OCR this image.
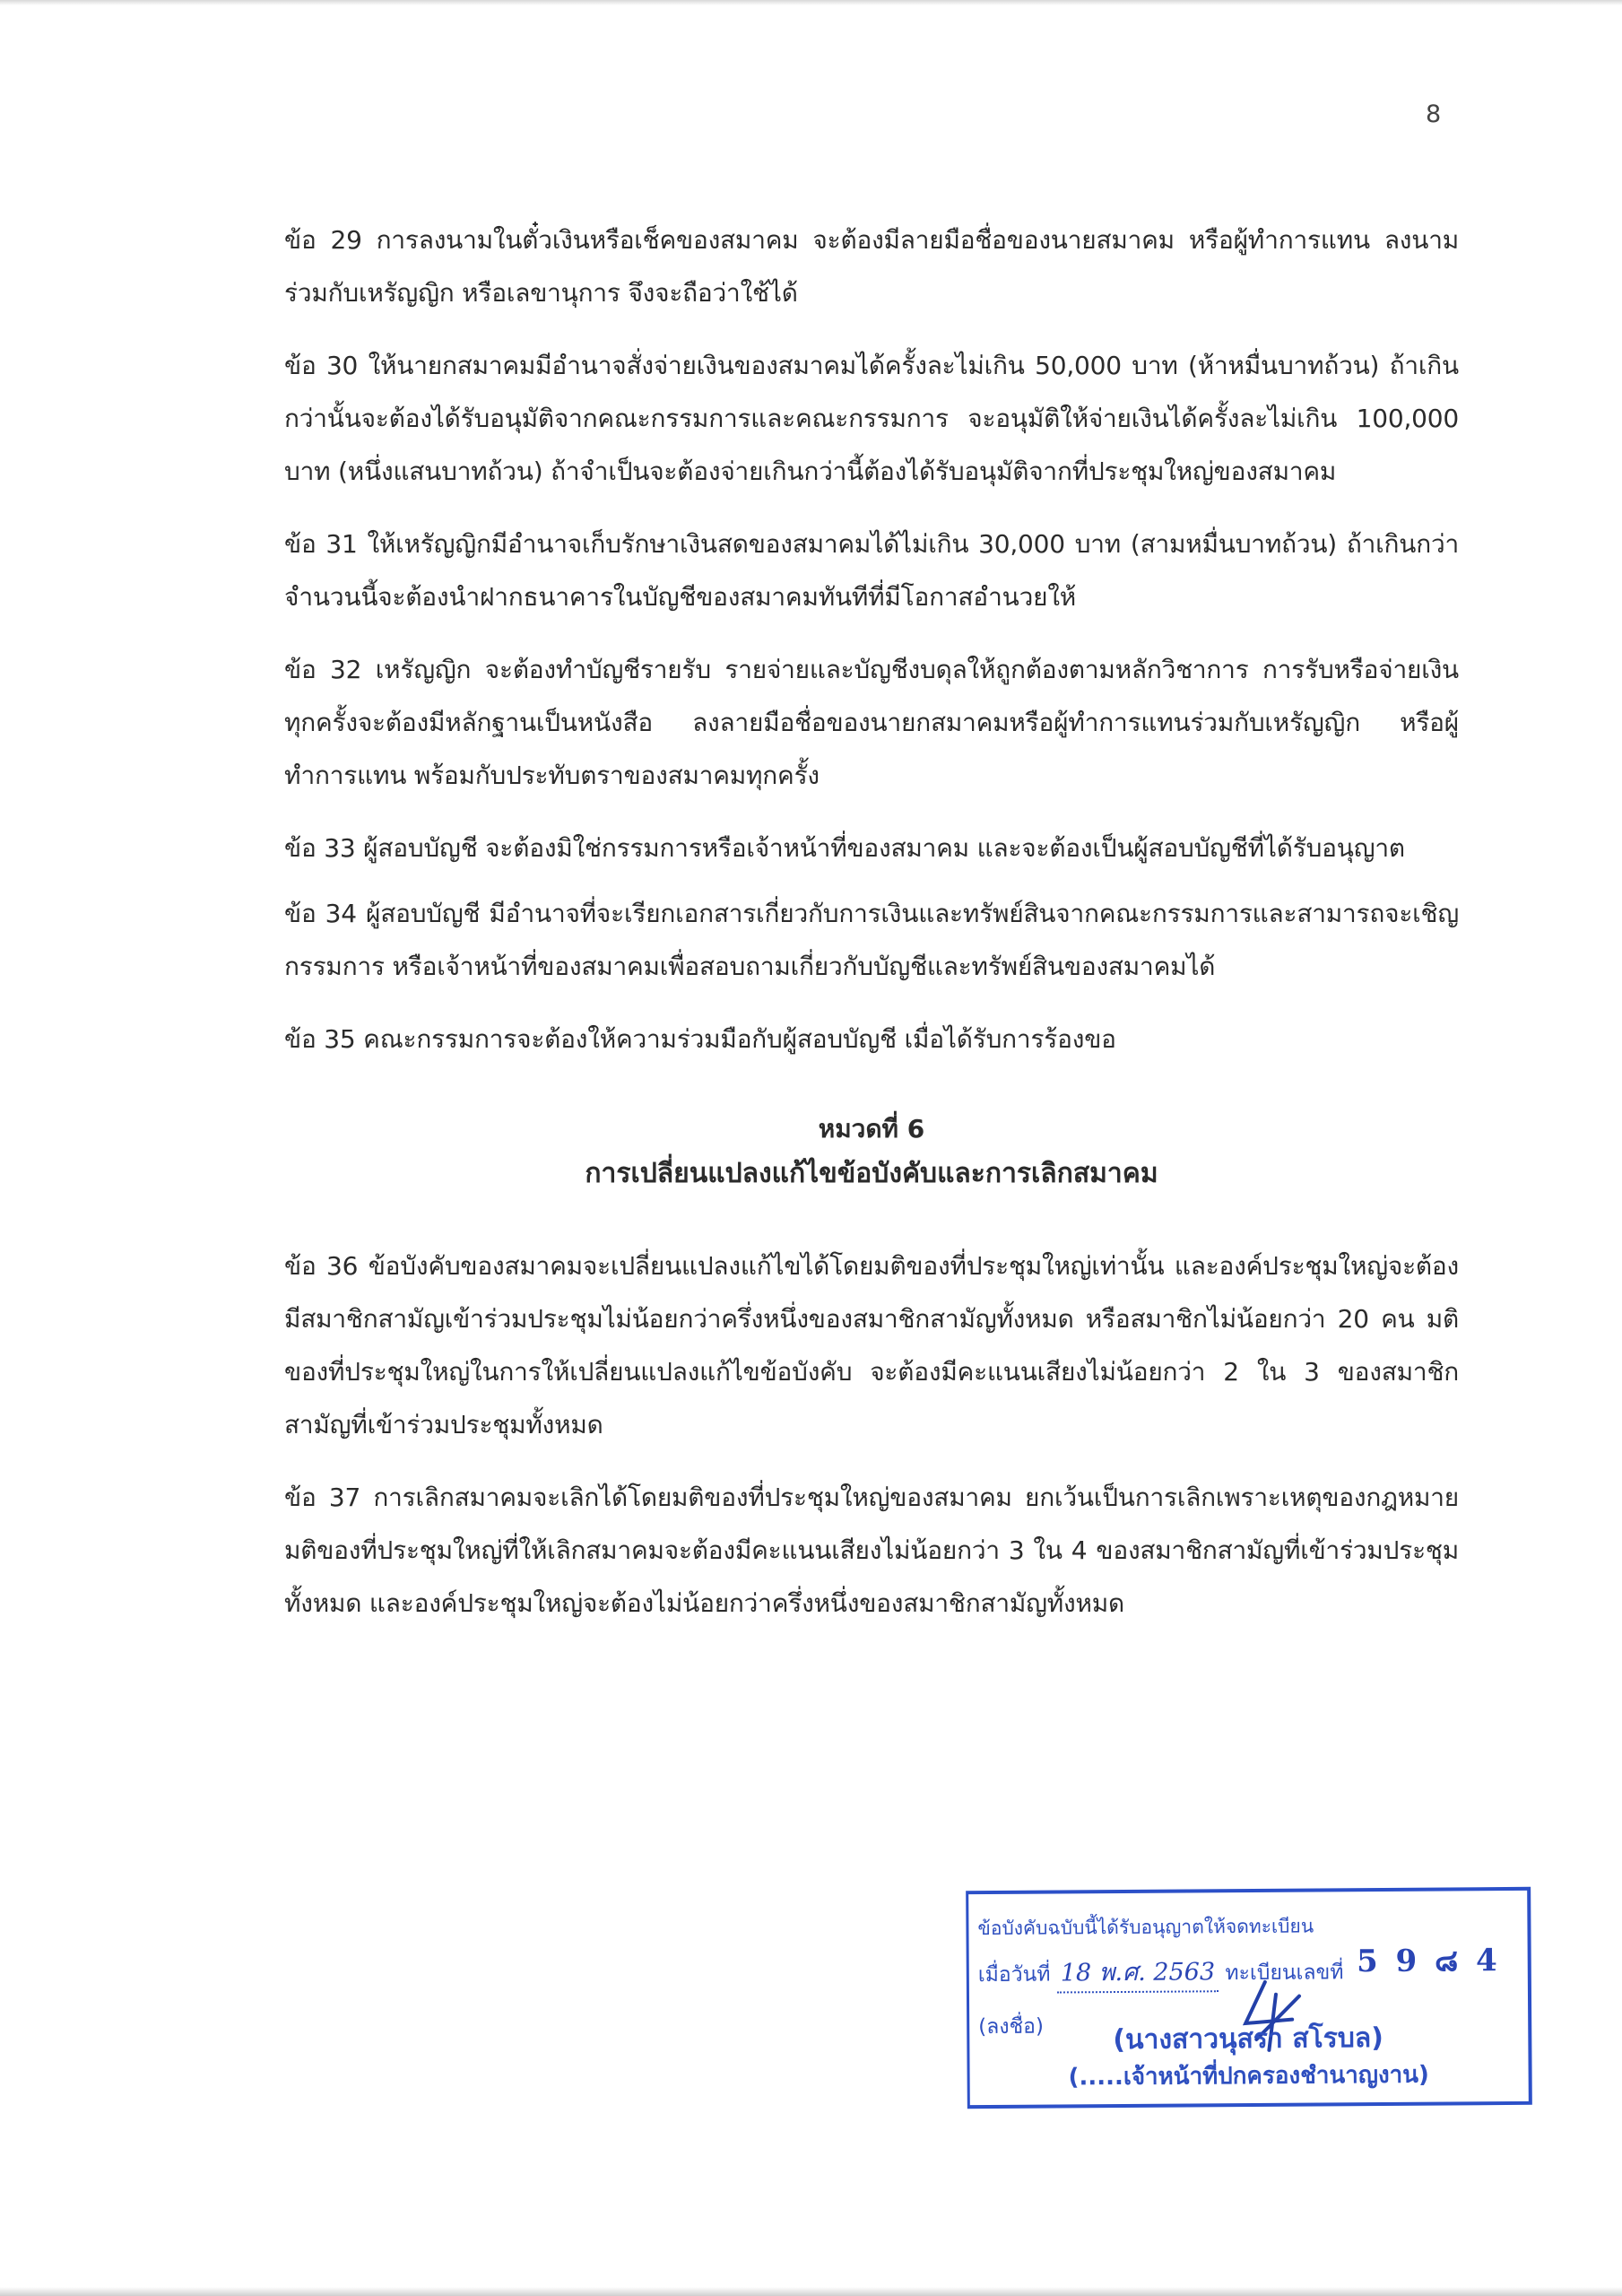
8

ข้อ 29 การลงนามในตั๋วเงินหรือเช็คของสมาคม จะต้องมีลายมือชื่อของนายสมาคม หรือผู้ทำการแทน ลงนามร่วมกับเหรัญญิก หรือเลขานุการ จึงจะถือว่าใช้ได้

ข้อ 30 ให้นายกสมาคมมีอำนาจสั่งจ่ายเงินของสมาคมได้ครั้งละไม่เกิน 50,000 บาท (ห้าหมื่นบาทถ้วน) ถ้าเกินกว่านั้นจะต้องได้รับอนุมัติจากคณะกรรมการและคณะกรรมการ จะอนุมัติให้จ่ายเงินได้ครั้งละไม่เกิน 100,000 บาท (หนึ่งแสนบาทถ้วน) ถ้าจำเป็นจะต้องจ่ายเกินกว่านี้ต้องได้รับอนุมัติจากที่ประชุมใหญ่ของสมาคม

ข้อ 31 ให้เหรัญญิกมีอำนาจเก็บรักษาเงินสดของสมาคมได้ไม่เกิน 30,000 บาท (สามหมื่นบาทถ้วน) ถ้าเกินกว่าจำนวนนี้จะต้องนำฝากธนาคารในบัญชีของสมาคมทันทีที่มีโอกาสอำนวยให้

ข้อ 32 เหรัญญิก จะต้องทำบัญชีรายรับ รายจ่ายและบัญชีงบดุลให้ถูกต้องตามหลักวิชาการ การรับหรือจ่ายเงินทุกครั้งจะต้องมีหลักฐานเป็นหนังสือ ลงลายมือชื่อของนายกสมาคมหรือผู้ทำการแทนร่วมกับเหรัญญิก หรือผู้ทำการแทน พร้อมกับประทับตราของสมาคมทุกครั้ง

ข้อ 33 ผู้สอบบัญชี จะต้องมิใช่กรรมการหรือเจ้าหน้าที่ของสมาคม และจะต้องเป็นผู้สอบบัญชีที่ได้รับอนุญาต

ข้อ 34 ผู้สอบบัญชี มีอำนาจที่จะเรียกเอกสารเกี่ยวกับการเงินและทรัพย์สินจากคณะกรรมการและสามารถจะเชิญกรรมการ หรือเจ้าหน้าที่ของสมาคมเพื่อสอบถามเกี่ยวกับบัญชีและทรัพย์สินของสมาคมได้

ข้อ 35 คณะกรรมการจะต้องให้ความร่วมมือกับผู้สอบบัญชี เมื่อได้รับการร้องขอ

หมวดที่ 6
การเปลี่ยนแปลงแก้ไขข้อบังคับและการเลิกสมาคม

ข้อ 36 ข้อบังคับของสมาคมจะเปลี่ยนแปลงแก้ไขได้โดยมติของที่ประชุมใหญ่เท่านั้น และองค์ประชุมใหญ่จะต้องมีสมาชิกสามัญเข้าร่วมประชุมไม่น้อยกว่าครึ่งหนึ่งของสมาชิกสามัญทั้งหมด หรือสมาชิกไม่น้อยกว่า 20 คน มติของที่ประชุมใหญ่ในการให้เปลี่ยนแปลงแก้ไขข้อบังคับ จะต้องมีคะแนนเสียงไม่น้อยกว่า 2 ใน 3 ของสมาชิกสามัญที่เข้าร่วมประชุมทั้งหมด

ข้อ 37 การเลิกสมาคมจะเลิกได้โดยมติของที่ประชุมใหญ่ของสมาคม ยกเว้นเป็นการเลิกเพราะเหตุของกฎหมาย มติของที่ประชุมใหญ่ที่ให้เลิกสมาคมจะต้องมีคะแนนเสียงไม่น้อยกว่า 3 ใน 4 ของสมาชิกสามัญที่เข้าร่วมประชุมทั้งหมด และองค์ประชุมใหญ่จะต้องไม่น้อยกว่าครึ่งหนึ่งของสมาชิกสามัญทั้งหมด

ข้อบังคับฉบับนี้ได้รับอนุญาตให้จดทะเบียน
เมื่อวันที่ 18 พ.ศ. 2563 ทะเบียนเลขที่ 5 9 ๘ 4
(ลงชื่อ)	(นางสาวนุสรา สโรบล)
(.....เจ้าหน้าที่ปกครองชำนาญงาน)
